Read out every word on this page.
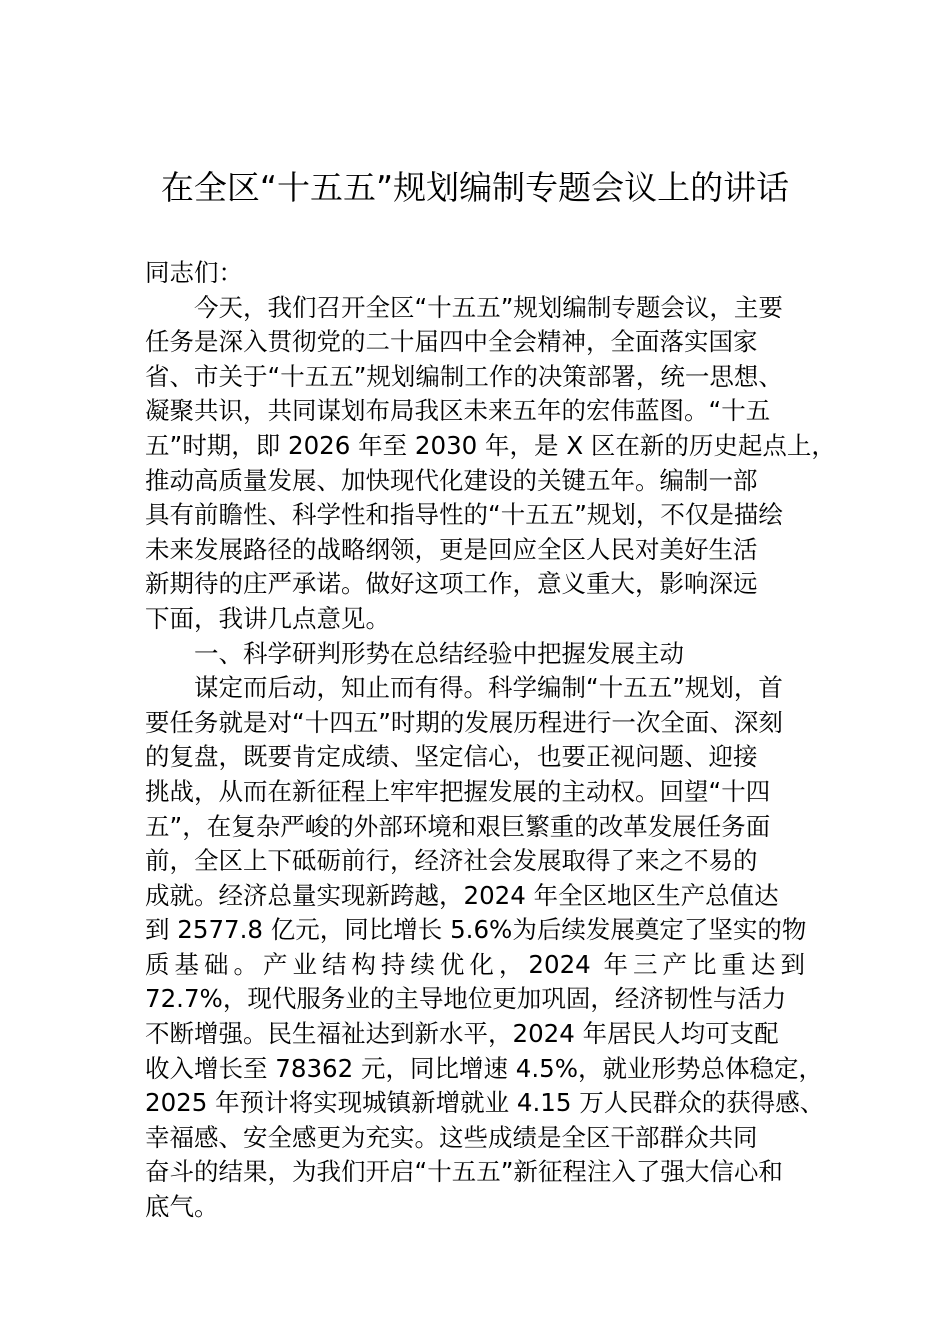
在全区“十五五”规划编制专题会议上的讲话
同志们：
今天，我们召开全区“十五五”规划编制专题会议，主要
任务是深入贯彻党的二十届四中全会精神，全面落实国家
省、市关于“十五五”规划编制工作的决策部署，统一思想、
凝聚共识，共同谋划布局我区未来五年的宏伟蓝图。“十五
五”时期，即 2026 年至 2030 年，是 X 区在新的历史起点上，
推动高质量发展、加快现代化建设的关键五年。编制一部
具有前瞻性、科学性和指导性的“十五五”规划，不仅是描绘
未来发展路径的战略纲领，更是回应全区人民对美好生活
新期待的庄严承诺。做好这项工作，意义重大，影响深远
下面，我讲几点意见。
一、科学研判形势在总结经验中把握发展主动
谋定而后动，知止而有得。科学编制“十五五”规划，首
要任务就是对“十四五”时期的发展历程进行一次全面、深刻
的复盘，既要肯定成绩、坚定信心，也要正视问题、迎接
挑战，从而在新征程上牢牢把握发展的主动权。回望“十四
五”，在复杂严峻的外部环境和艰巨繁重的改革发展任务面
前，全区上下砥砺前行，经济社会发展取得了来之不易的
成就。经济总量实现新跨越，2024 年全区地区生产总值达
到 2577.8 亿元，同比增长 5.6%为后续发展奠定了坚实的物
质基础。产业结构持续优化，2024 年三产比重达到
72.7%，现代服务业的主导地位更加巩固，经济韧性与活力
不断增强。民生福祉达到新水平，2024 年居民人均可支配
收入增长至 78362 元，同比增速 4.5%，就业形势总体稳定，
2025 年预计将实现城镇新增就业 4.15 万人民群众的获得感、
幸福感、安全感更为充实。这些成绩是全区干部群众共同
奋斗的结果，为我们开启“十五五”新征程注入了强大信心和
底气。
